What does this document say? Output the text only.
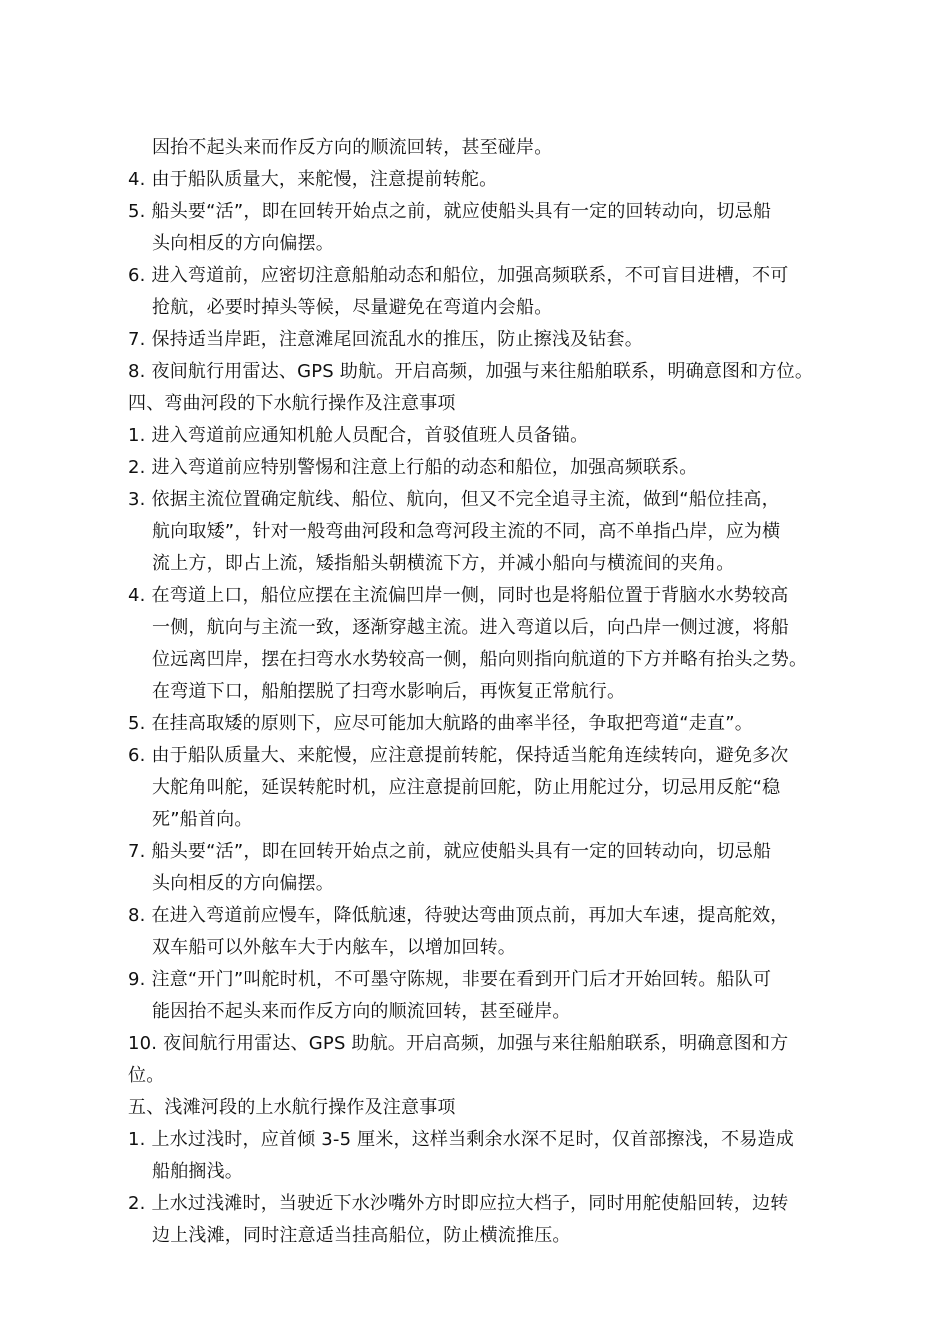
因抬不起头来而作反方向的顺流回转，甚至碰岸。
4. 由于船队质量大，来舵慢，注意提前转舵。
5. 船头要“活”，即在回转开始点之前，就应使船头具有一定的回转动向，切忌船
头向相反的方向偏摆。
6. 进入弯道前，应密切注意船舶动态和船位，加强高频联系，不可盲目进槽，不可
抢航，必要时掉头等候，尽量避免在弯道内会船。
7. 保持适当岸距，注意滩尾回流乱水的推压，防止擦浅及钻套。
8. 夜间航行用雷达、GPS 助航。开启高频，加强与来往船舶联系，明确意图和方位。
四、弯曲河段的下水航行操作及注意事项
1. 进入弯道前应通知机舱人员配合，首驳值班人员备锚。
2. 进入弯道前应特别警惕和注意上行船的动态和船位，加强高频联系。
3. 依据主流位置确定航线、船位、航向，但又不完全追寻主流，做到“船位挂高，
航向取矮”，针对一般弯曲河段和急弯河段主流的不同，高不单指凸岸，应为横
流上方，即占上流，矮指船头朝横流下方，并减小船向与横流间的夹角。
4. 在弯道上口，船位应摆在主流偏凹岸一侧，同时也是将船位置于背脑水水势较高
一侧，航向与主流一致，逐渐穿越主流。进入弯道以后，向凸岸一侧过渡，将船
位远离凹岸，摆在扫弯水水势较高一侧，船向则指向航道的下方并略有抬头之势。
在弯道下口，船舶摆脱了扫弯水影响后，再恢复正常航行。
5. 在挂高取矮的原则下，应尽可能加大航路的曲率半径，争取把弯道“走直”。
6. 由于船队质量大、来舵慢，应注意提前转舵，保持适当舵角连续转向，避免多次
大舵角叫舵，延误转舵时机，应注意提前回舵，防止用舵过分，切忌用反舵“稳
死”船首向。
7. 船头要“活”，即在回转开始点之前，就应使船头具有一定的回转动向，切忌船
头向相反的方向偏摆。
8. 在进入弯道前应慢车，降低航速，待驶达弯曲顶点前，再加大车速，提高舵效，
双车船可以外舷车大于内舷车，以增加回转。
9. 注意“开门”叫舵时机，不可墨守陈规，非要在看到开门后才开始回转。船队可
能因抬不起头来而作反方向的顺流回转，甚至碰岸。
10. 夜间航行用雷达、GPS 助航。开启高频，加强与来往船舶联系，明确意图和方
位。
五、浅滩河段的上水航行操作及注意事项
1. 上水过浅时，应首倾 3-5 厘米，这样当剩余水深不足时，仅首部擦浅，不易造成
船舶搁浅。
2. 上水过浅滩时，当驶近下水沙嘴外方时即应拉大档子，同时用舵使船回转，边转
边上浅滩，同时注意适当挂高船位，防止横流推压。
